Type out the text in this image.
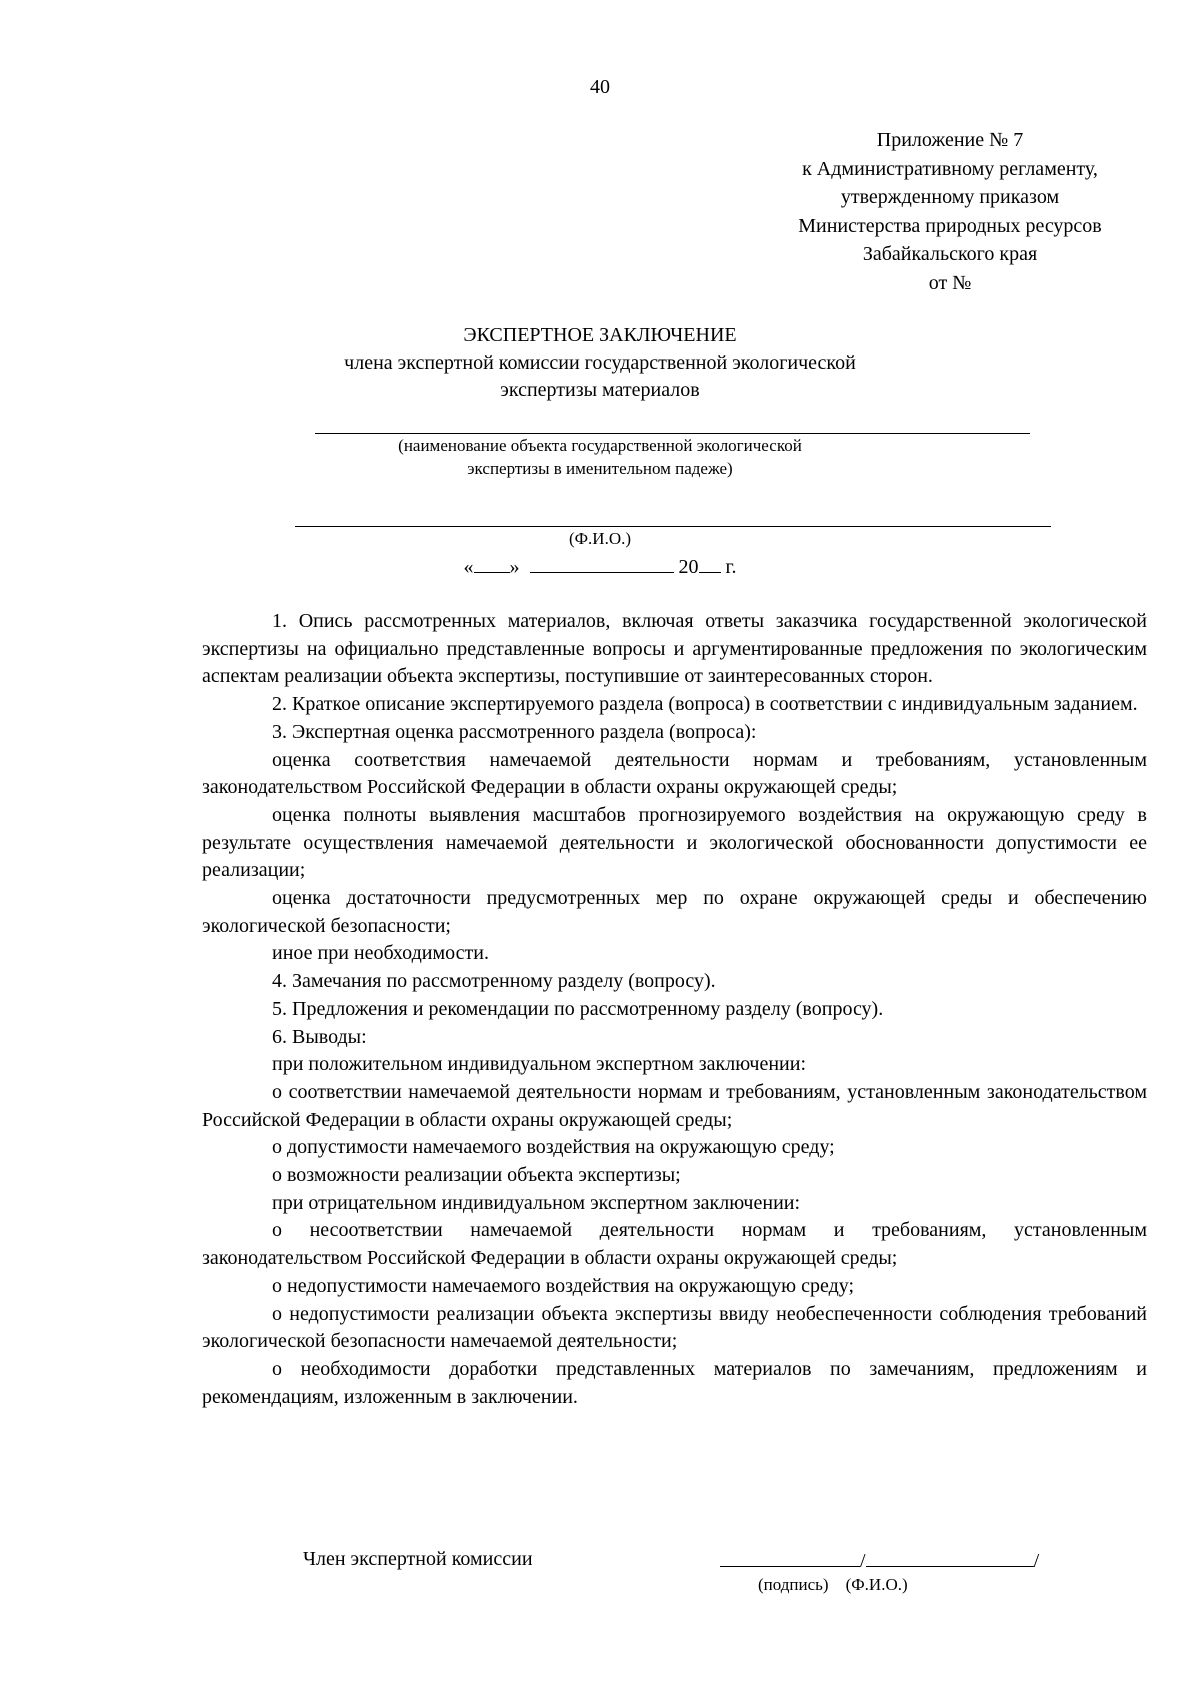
40
Приложение № 7
к Административному регламенту,
утвержденному приказом
Министерства природных ресурсов
Забайкальского края
от №
ЭКСПЕРТНОЕ ЗАКЛЮЧЕНИЕ
члена экспертной комиссии государственной экологической
экспертизы материалов
(наименование объекта государственной экологической
экспертизы в именительном падеже)
(Ф.И.О.)
« »	20 г.

1. Опись рассмотренных материалов, включая ответы заказчика государственной экологической экспертизы на официально представленные вопросы и аргументированные предложения по экологическим аспектам реализации объекта экспертизы, поступившие от заинтересованных сторон.

2. Краткое описание экспертируемого раздела (вопроса) в соответствии с индивидуальным заданием.

3. Экспертная оценка рассмотренного раздела (вопроса):

оценка соответствия намечаемой деятельности нормам и требованиям, установленным законодательством Российской Федерации в области охраны окружающей среды;

оценка полноты выявления масштабов прогнозируемого воздействия на окружающую среду в результате осуществления намечаемой деятельности и экологической обоснованности допустимости ее реализации;

оценка достаточности предусмотренных мер по охране окружающей среды и обеспечению экологической безопасности;

иное при необходимости.

4. Замечания по рассмотренному разделу (вопросу).

5. Предложения и рекомендации по рассмотренному разделу (вопросу).

6. Выводы:

при положительном индивидуальном экспертном заключении:

о соответствии намечаемой деятельности нормам и требованиям, установленным законодательством Российской Федерации в области охраны окружающей среды;

о допустимости намечаемого воздействия на окружающую среду;

о возможности реализации объекта экспертизы;

при отрицательном индивидуальном экспертном заключении:

о несоответствии намечаемой деятельности нормам и требованиям, установленным законодательством Российской Федерации в области охраны окружающей среды;

о недопустимости намечаемого воздействия на окружающую среду;

о недопустимости реализации объекта экспертизы ввиду необеспеченности соблюдения требований экологической безопасности намечаемой деятельности;

о необходимости доработки представленных материалов по замечаниям, предложениям и рекомендациям, изложенным в заключении.

Член экспертной комиссии	/	/
(подпись) (Ф.И.О.)
